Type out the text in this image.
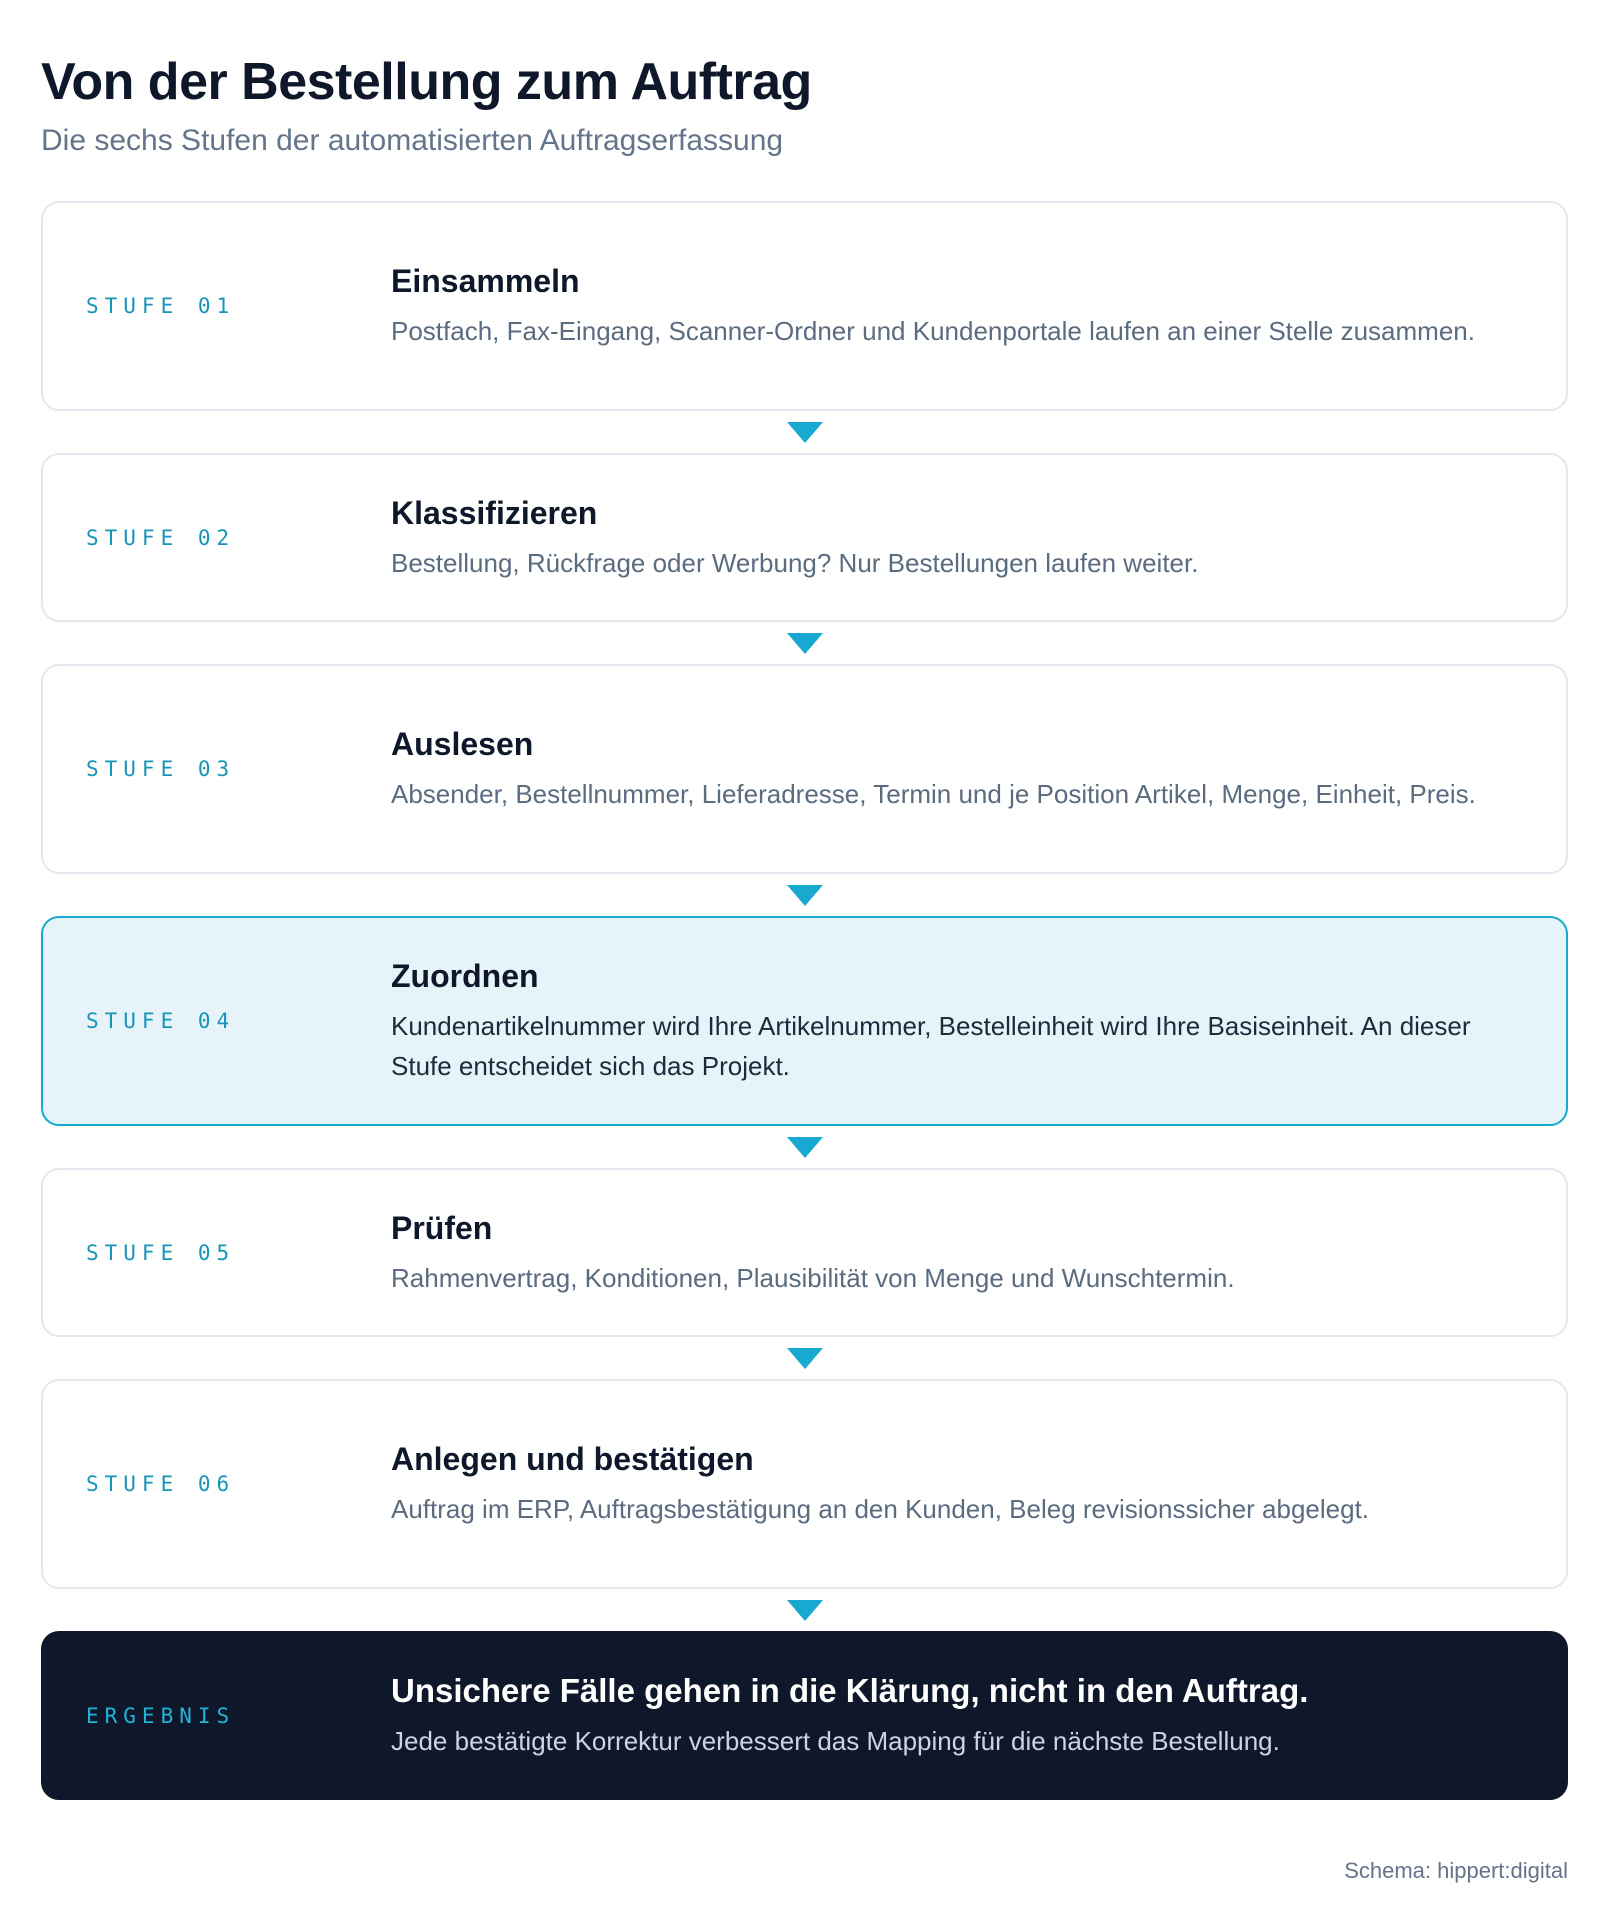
Von der Bestellung zum Auftrag

Die sechs Stufen der automatisierten Auftragserfassung

STUFE 01

Einsammeln

Postfach, Fax-Eingang, Scanner-Ordner und Kundenportale laufen an einer Stelle zusammen.

STUFE 02

Klassifizieren

Bestellung, Rückfrage oder Werbung? Nur Bestellungen laufen weiter.

STUFE 03

Auslesen

Absender, Bestellnummer, Lieferadresse, Termin und je Position Artikel, Menge, Einheit, Preis.

STUFE 04

Zuordnen

Kundenartikelnummer wird Ihre Artikelnummer, Bestelleinheit wird Ihre Basiseinheit. An dieser Stufe entscheidet sich das Projekt.

STUFE 05

Prüfen

Rahmenvertrag, Konditionen, Plausibilität von Menge und Wunschtermin.

STUFE 06

Anlegen und bestätigen

Auftrag im ERP, Auftragsbestätigung an den Kunden, Beleg revisionssicher abgelegt.

ERGEBNIS

Unsichere Fälle gehen in die Klärung, nicht in den Auftrag.

Jede bestätigte Korrektur verbessert das Mapping für die nächste Bestellung.

Schema: hippert:digital
